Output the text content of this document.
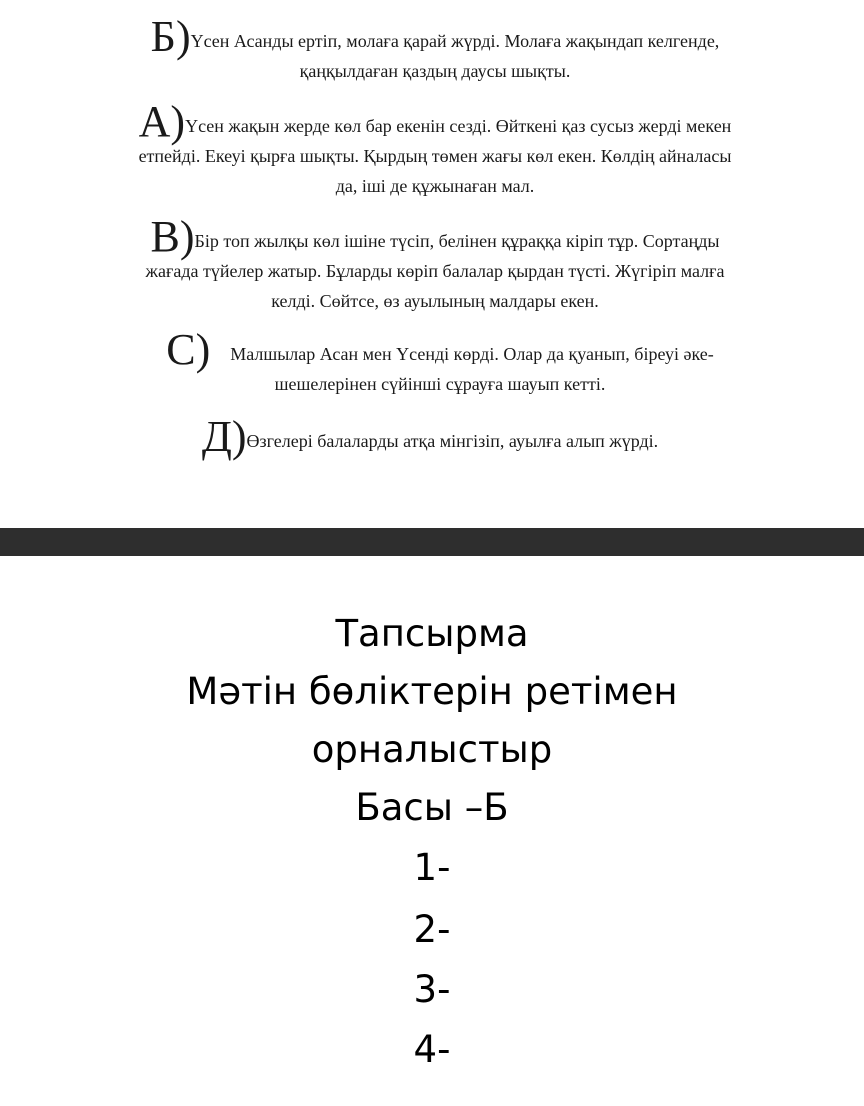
Б)Үсен Асанды ертіп, молаға қарай жүрді. Молаға жақындап келгенде,
қаңқылдаған қаздың даусы шықты.
А)Үсен жақын жерде көл бар екенін сезді. Өйткені қаз сусыз жерді мекен
етпейді. Екеуі қырға шықты. Қырдың төмен жағы көл екен. Көлдің айналасы
да, іші де құжынаған мал.
В)Бір топ жылқы көл ішіне түсіп, белінен құраққа кіріп тұр. Сортаңды
жағада түйелер жатыр. Бұларды көріп балалар қырдан түсті. Жүгіріп малға
келді. Сөйтсе, өз ауылының малдары екен.
С) Малшылар Асан мен Үсенді көрді. Олар да қуанып, біреуі әке-
шешелерінен сүйінші сұрауға шауып кетті.
Д)Өзгелері балаларды атқа мінгізіп, ауылға алып жүрді.
Тапсырма
Мәтін бөліктерін ретімен
орналыстыр
Басы –Б
1-
2-
3-
4-
